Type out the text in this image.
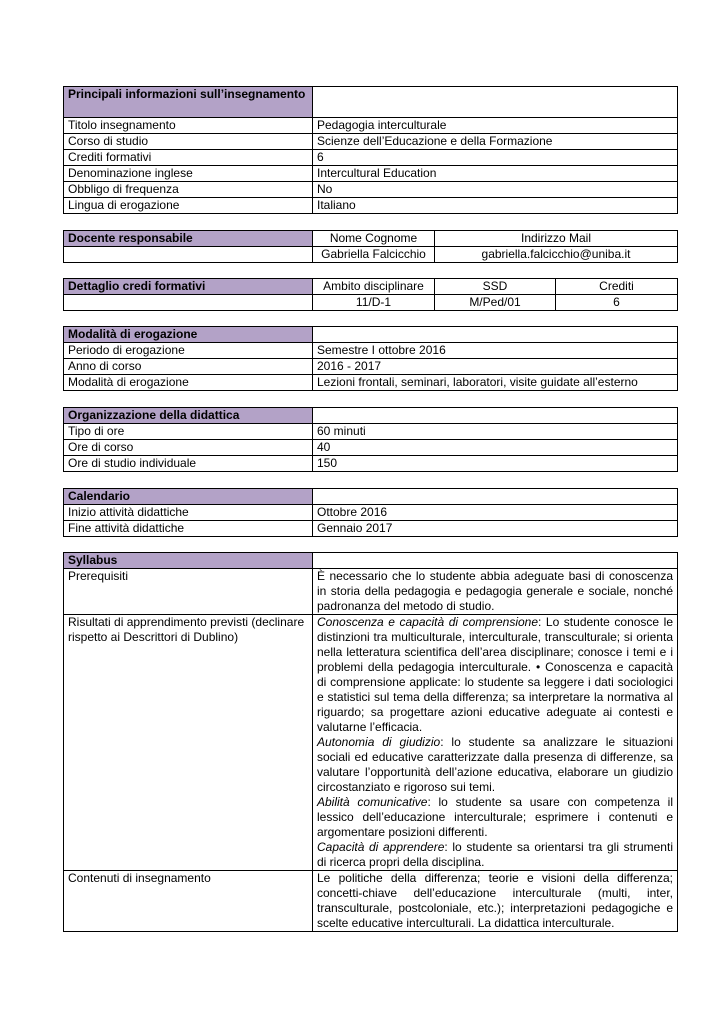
Principali informazioni sull’insegnamento	
Titolo insegnamento	Pedagogia interculturale
Corso di studio	Scienze dell’Educazione e della Formazione
Crediti formativi	6
Denominazione inglese	Intercultural Education
Obbligo di frequenza	No
Lingua di erogazione	Italiano
Docente responsabile	Nome Cognome	Indirizzo Mail
	Gabriella Falcicchio	gabriella.falcicchio@uniba.it
Dettaglio credi formativi	Ambito disciplinare	SSD	Crediti
	11/D-1	M/Ped/01	6
Modalità di erogazione	
Periodo di erogazione	Semestre I ottobre 2016
Anno di corso	2016 - 2017
Modalità di erogazione	Lezioni frontali, seminari, laboratori, visite guidate all’esterno
Organizzazione della didattica	
Tipo di ore	60 minuti
Ore di corso	40
Ore di studio individuale	150
Calendario	
Inizio attività didattiche	Ottobre 2016
Fine attività didattiche	Gennaio 2017
Syllabus	
Prerequisiti	È necessario che lo studente abbia adeguate basi di conoscenza in storia della pedagogia e pedagogia generale e sociale, nonché padronanza del metodo di studio.
Risultati di apprendimento previsti (declinare rispetto ai Descrittori di Dublino)	Conoscenza e capacità di comprensione: Lo studente conosce le distinzioni tra multiculturale, interculturale, transculturale; si orienta nella letteratura scientifica dell’area disciplinare; conosce i temi e i problemi della pedagogia interculturale. • Conoscenza e capacità di comprensione applicate: lo studente sa leggere i dati sociologici e statistici sul tema della differenza; sa interpretare la normativa al riguardo; sa progettare azioni educative adeguate ai contesti e valutarne l’efficacia.
Autonomia di giudizio: lo studente sa analizzare le situazioni sociali ed educative caratterizzate dalla presenza di differenze, sa valutare l’opportunità dell’azione educativa, elaborare un giudizio circostanziato e rigoroso sui temi.
Abilità comunicative: lo studente sa usare con competenza il lessico dell’educazione interculturale; esprimere i contenuti e argomentare posizioni differenti.
Capacità di apprendere: lo studente sa orientarsi tra gli strumenti di ricerca propri della disciplina.
Contenuti di insegnamento	Le politiche della differenza; teorie e visioni della differenza; concetti-chiave dell’educazione interculturale (multi, inter, transculturale, postcoloniale, etc.); interpretazioni pedagogiche e scelte educative interculturali. La didattica interculturale.
